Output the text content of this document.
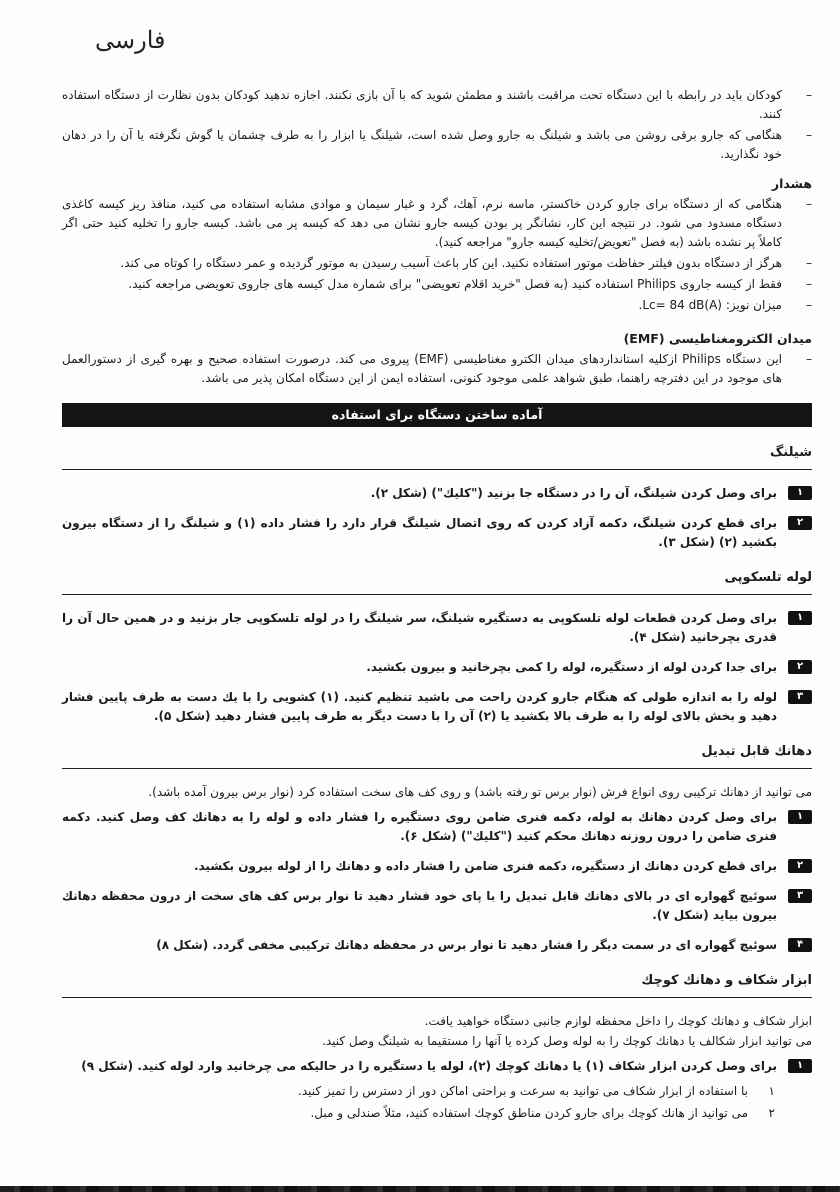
فارسی
–
کودکان باید در رابطه با این دستگاه تحت مراقبت باشند و مطمئن شوید که با آن بازی نکنند. اجازه ندهید کودکان بدون نظارت از دستگاه استفاده کنند.
–
هنگامی که جارو برقی روشن می باشد و شیلنگ به جارو وصل شده است، شیلنگ یا ابزار را به طرف چشمان یا گوش نگرفته یا آن را در دهان خود نگذارید.
هشدار
–
هنگامی که از دستگاه برای جارو کردن خاکستر، ماسه نرم، آهك، گرد و غبار سیمان و موادی مشابه استفاده می کنید، منافذ ریز کیسه کاغذی دستگاه مسدود می شود. در نتیجه این کار، نشانگر پر بودن کیسه جارو نشان می دهد که کیسه پر می باشد. کیسه جارو را تخلیه کنید حتی اگر کاملاً پر نشده باشد (به فصل "تعویض/تخلیه کیسه جارو" مراجعه کنید).
–
هرگز از دستگاه بدون فیلتر حفاظت موتور استفاده نکنید. این کار باعث آسیب رسیدن به موتور گردیده و عمر دستگاه را کوتاه می کند.
–
فقط از کیسه جاروی Philips استفاده کنید (به فصل "خرید اقلام تعویضی" برای شماره مدل کیسه های جاروی تعویضی مراجعه کنید.
–
میزان نویز: Lc= 84 dB(A).
میدان الکترومغناطیسی (EMF)
–
این دستگاه Philips ازکلیه استانداردهای میدان الکترو مغناطیسی (EMF) پیروی می کند. درصورت استفاده صحیح و بهره گیری از دستورالعمل های موجود در این دفترچه راهنما، طبق شواهد علمی موجود کنونی، استفاده ایمن از این دستگاه امکان پذیر می باشد.
آماده ساختن دستگاه برای استفاده
شیلنگ
۱
برای وصل کردن شیلنگ، آن را در دستگاه جا بزنید ("کلیك") (شکل ۲).
۲
برای قطع کردن شیلنگ، دکمه آزاد کردن که روی اتصال شیلنگ قرار دارد را فشار داده (۱) و شیلنگ را از دستگاه بیرون بکشید (۲) (شکل ۳).
لوله تلسکوپی
۱
برای وصل کردن قطعات لوله تلسکوپی به دستگیره شیلنگ، سر شیلنگ را در لوله تلسکوپی جار بزنید و در همین حال آن را قدری بچرخانید (شکل ۴).
۲
برای جدا کردن لوله از دستگیره، لوله را کمی بچرخانید و بیرون بکشید.
۳
لوله را به اندازه طولی که هنگام جارو کردن راحت می باشید تنظیم کنید. (۱) کشویی را با یك دست به طرف پایین فشار دهید و بخش بالای لوله را به طرف بالا بکشید یا (۲) آن را با دست دیگر به طرف پایین فشار دهید (شکل ۵).
دهانك قابل تبدیل

می توانید از دهانك ترکیبی روی انواع فرش (نوار برس تو رفته باشد) و روی کف های سخت استفاده کرد (نوار برس بیرون آمده باشد).

۱
برای وصل کردن دهانك به لوله، دکمه فنری ضامن روی دستگیره را فشار داده و لوله را به دهانك کف وصل کنید. دکمه فنری ضامن را درون روزنه دهانك محکم کنید ("کلیك") (شکل ۶).
۲
برای قطع کردن دهانك از دستگیره، دکمه فنری ضامن را فشار داده و دهانك را از لوله بیرون بکشید.
۳
سوئیچ گهواره ای در بالای دهانك قابل تبدیل را با پای خود فشار دهید تا نوار برس کف های سخت از درون محفظه دهانك بیرون بیاید (شکل ۷).
۴
سوئیچ گهواره ای در سمت دیگر را فشار دهید تا نوار برس در محفظه دهانك ترکیبی مخفی گردد. (شکل ۸)
ابزار شکاف و دهانك کوچك

ابزار شکاف و دهانك کوچك را داخل محفظه لوازم جانبی دستگاه خواهید یافت.

می توانید ابزار شکالف یا دهانك کوچك را به لوله وصل کرده یا آنها را مستقیما به شیلنگ وصل کنید.

۱
برای وصل کردن ابزار شکاف (۱) یا دهانك کوچك (۲)، لوله یا دستگیره را در حالیکه می چرخانید وارد لوله کنید. (شکل ۹)
۱
با استفاده از ابزار شکاف می توانید به سرعت و براحتی اماکن دور از دسترس را تمیز کنید.
۲
می توانید از هانك کوچك برای جارو کردن مناطق کوچك استفاده کنید، مثلاً صندلی و مبل.
